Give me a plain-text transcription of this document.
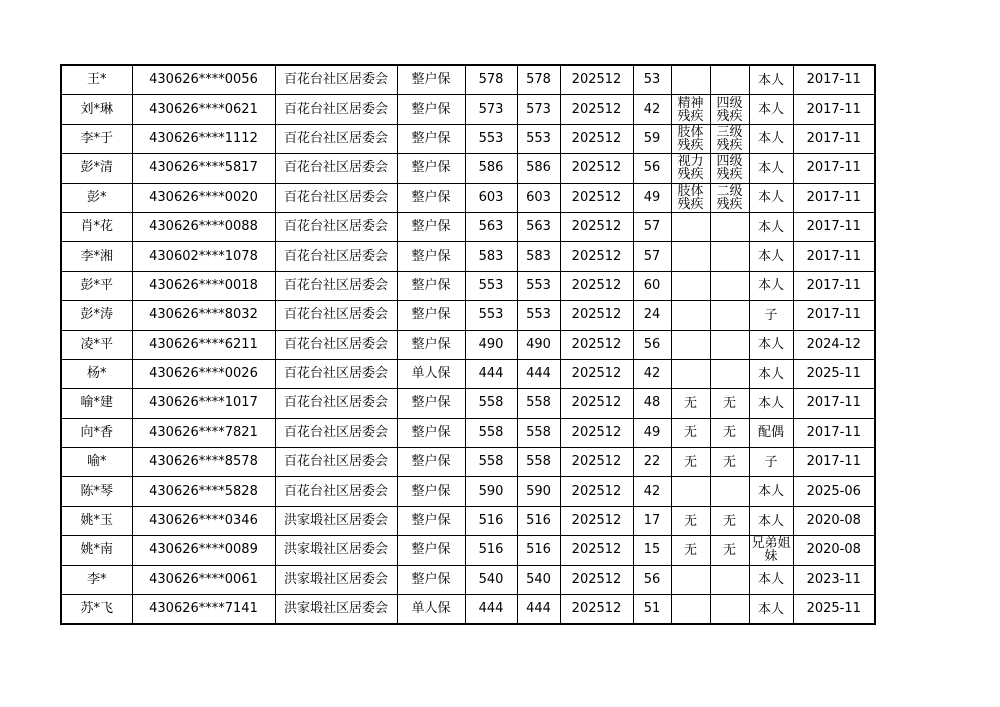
王*	430626****0056	百花台社区居委会	整户保	578	578	202512	53			本人	2017-11
刘*琳	430626****0621	百花台社区居委会	整户保	573	573	202512	42	精神残疾	四级残疾	本人	2017-11
李*于	430626****1112	百花台社区居委会	整户保	553	553	202512	59	肢体残疾	三级残疾	本人	2017-11
彭*清	430626****5817	百花台社区居委会	整户保	586	586	202512	56	视力残疾	四级残疾	本人	2017-11
彭*	430626****0020	百花台社区居委会	整户保	603	603	202512	49	肢体残疾	二级残疾	本人	2017-11
肖*花	430626****0088	百花台社区居委会	整户保	563	563	202512	57			本人	2017-11
李*湘	430602****1078	百花台社区居委会	整户保	583	583	202512	57			本人	2017-11
彭*平	430626****0018	百花台社区居委会	整户保	553	553	202512	60			本人	2017-11
彭*涛	430626****8032	百花台社区居委会	整户保	553	553	202512	24			子	2017-11
凌*平	430626****6211	百花台社区居委会	整户保	490	490	202512	56			本人	2024-12
杨*	430626****0026	百花台社区居委会	单人保	444	444	202512	42			本人	2025-11
喻*建	430626****1017	百花台社区居委会	整户保	558	558	202512	48	无	无	本人	2017-11
向*香	430626****7821	百花台社区居委会	整户保	558	558	202512	49	无	无	配偶	2017-11
喻*	430626****8578	百花台社区居委会	整户保	558	558	202512	22	无	无	子	2017-11
陈*琴	430626****5828	百花台社区居委会	整户保	590	590	202512	42			本人	2025-06
姚*玉	430626****0346	洪家塅社区居委会	整户保	516	516	202512	17	无	无	本人	2020-08
姚*南	430626****0089	洪家塅社区居委会	整户保	516	516	202512	15	无	无	兄弟姐妹	2020-08
李*	430626****0061	洪家塅社区居委会	整户保	540	540	202512	56			本人	2023-11
苏*飞	430626****7141	洪家塅社区居委会	单人保	444	444	202512	51			本人	2025-11
